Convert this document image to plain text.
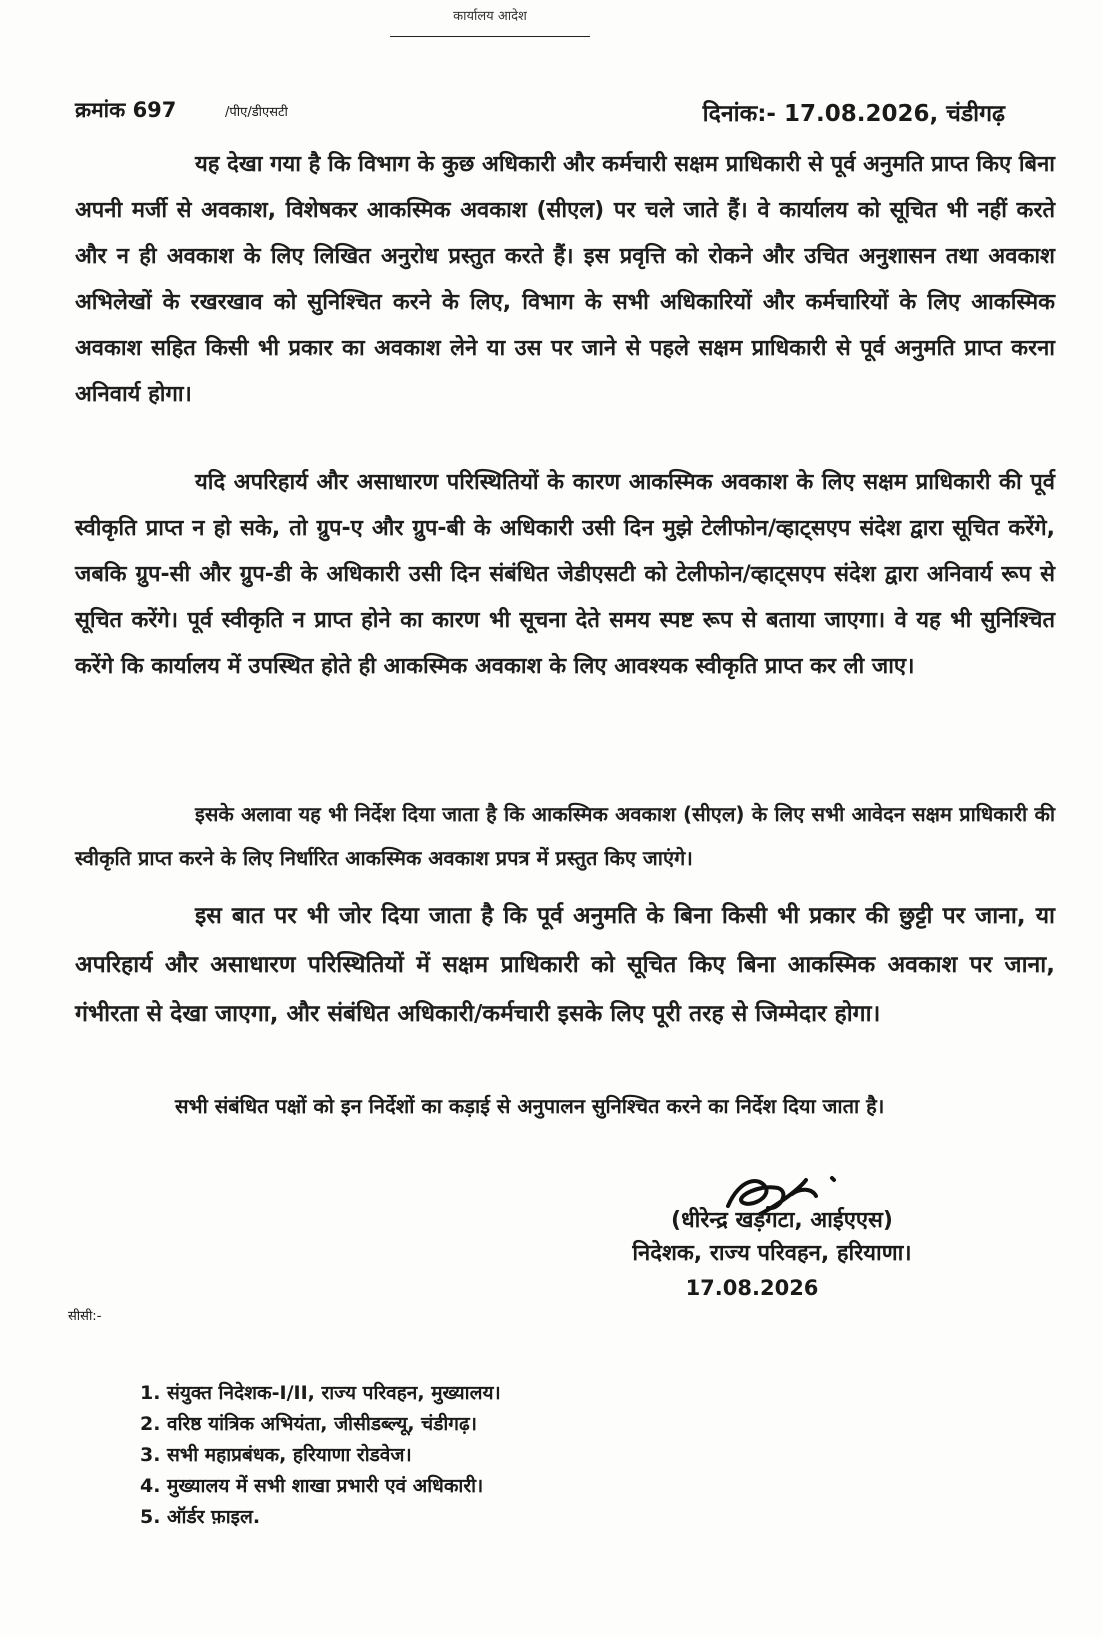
कार्यालय आदेश
क्रमांक 697	/पीए/डीएसटी	दिनांक:- 17.08.2026, चंडीगढ़
यह देखा गया है कि विभाग के कुछ अधिकारी और कर्मचारी सक्षम प्राधिकारी से पूर्व अनुमति प्राप्त किए बिना अपनी मर्जी से अवकाश, विशेषकर आकस्मिक अवकाश (सीएल) पर चले जाते हैं। वे कार्यालय को सूचित भी नहीं करते और न ही अवकाश के लिए लिखित अनुरोध प्रस्तुत करते हैं। इस प्रवृत्ति को रोकने और उचित अनुशासन तथा अवकाश अभिलेखों के रखरखाव को सुनिश्चित करने के लिए, विभाग के सभी अधिकारियों और कर्मचारियों के लिए आकस्मिक अवकाश सहित किसी भी प्रकार का अवकाश लेने या उस पर जाने से पहले सक्षम प्राधिकारी से पूर्व अनुमति प्राप्त करना अनिवार्य होगा।
यदि अपरिहार्य और असाधारण परिस्थितियों के कारण आकस्मिक अवकाश के लिए सक्षम प्राधिकारी की पूर्व स्वीकृति प्राप्त न हो सके, तो ग्रुप-ए और ग्रुप-बी के अधिकारी उसी दिन मुझे टेलीफोन/व्हाट्सएप संदेश द्वारा सूचित करेंगे, जबकि ग्रुप-सी और ग्रुप-डी के अधिकारी उसी दिन संबंधित जेडीएसटी को टेलीफोन/व्हाट्सएप संदेश द्वारा अनिवार्य रूप से सूचित करेंगे। पूर्व स्वीकृति न प्राप्त होने का कारण भी सूचना देते समय स्पष्ट रूप से बताया जाएगा। वे यह भी सुनिश्चित करेंगे कि कार्यालय में उपस्थित होते ही आकस्मिक अवकाश के लिए आवश्यक स्वीकृति प्राप्त कर ली जाए।
इसके अलावा यह भी निर्देश दिया जाता है कि आकस्मिक अवकाश (सीएल) के लिए सभी आवेदन सक्षम प्राधिकारी की स्वीकृति प्राप्त करने के लिए निर्धारित आकस्मिक अवकाश प्रपत्र में प्रस्तुत किए जाएंगे।
इस बात पर भी जोर दिया जाता है कि पूर्व अनुमति के बिना किसी भी प्रकार की छुट्टी पर जाना, या अपरिहार्य और असाधारण परिस्थितियों में सक्षम प्राधिकारी को सूचित किए बिना आकस्मिक अवकाश पर जाना, गंभीरता से देखा जाएगा, और संबंधित अधिकारी/कर्मचारी इसके लिए पूरी तरह से जिम्मेदार होगा।
सभी संबंधित पक्षों को इन निर्देशों का कड़ाई से अनुपालन सुनिश्चित करने का निर्देश दिया जाता है।
(धीरेन्द्र खड़गटा, आईएएस)
निदेशक, राज्य परिवहन, हरियाणा।
17.08.2026
सीसी:-
1. संयुक्त निदेशक-I/II, राज्य परिवहन, मुख्यालय।
2. वरिष्ठ यांत्रिक अभियंता, जीसीडब्ल्यू, चंडीगढ़।
3. सभी महाप्रबंधक, हरियाणा रोडवेज।
4. मुख्यालय में सभी शाखा प्रभारी एवं अधिकारी।
5. ऑर्डर फ़ाइल.
